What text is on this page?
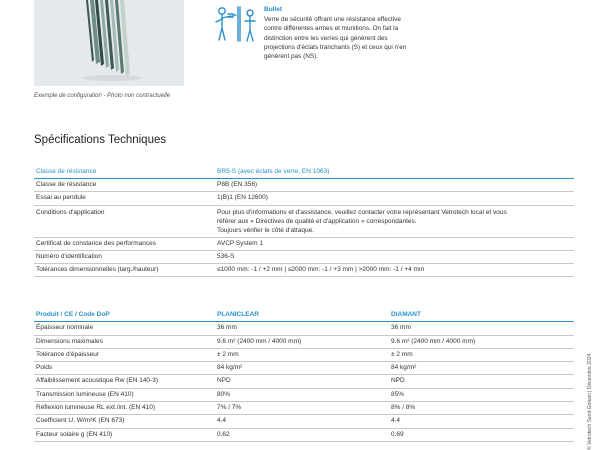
Exemple de configuration - Photo non contractuelle
Bullet
Verre de sécurité offrant une résistance effective
contre différentes armes et munitions. On fait la
distinction entre les verres qui génèrent des
projections d'éclats tranchants (S) et ceux qui n'en
génèrent pas (NS).
Spécifications Techniques
Classe de résistance	BR5-S (avec éclats de verre, EN 1063)
Classe de résistance	P8B (EN 356)
Essai au pendule	1(B)1 (EN 12600)
Conditions d'application	Pour plus d'informations et d'assistance, veuillez contacter votre représentant Vetrotech local et vous
référer aux « Directives de qualité et d'application » correspondantes.
Toujours vérifier le côté d'attaque.

Certificat de constance des performances	AVCP System 1
Numéro d'identification	536-S
Tolérances dimensionnelles (larg./hauteur)	≤1000 mm: -1 / +2 mm | ≤2000 mm: -1 / +3 mm | >2000 mm: -1 / +4 mm
Produit / CE / Code DoP	PLANICLEAR	DIAMANT
Épaisseur nominale	36 mm	36 mm
Dimensions maximales	9.6 m² (2400 mm / 4000 mm)	9.6 m² (2400 mm / 4000 mm)
Tolérance d'épaisseur	± 2 mm	± 2 mm
Poids	84 kg/m²	84 kg/m²
Affaiblissement acoustique Rw (EN 140-3)	NPD	NPD
Transmission lumineuse (EN 410)	80%	85%
Réflexion lumineuse RL ext./int. (EN 410)	7% / 7%	8% / 8%
Coefficient U, W/m²K (EN 673)	4.4	4.4
Facteur solaire g (EN 410)	0.62	0.69	© Vetrotech Saint-Gobain | Décembre 2024
